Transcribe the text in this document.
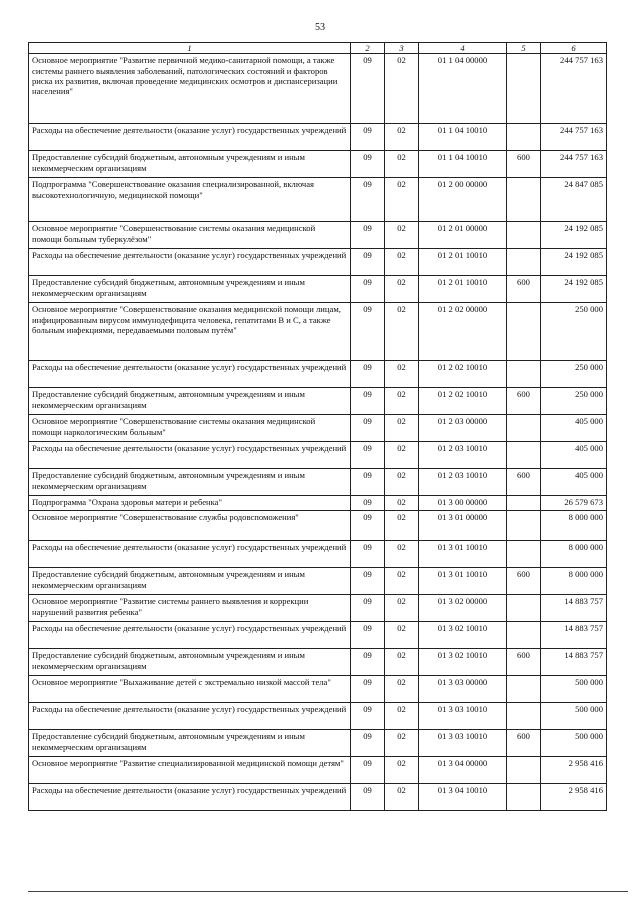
53
1	2	3	4	5	6
Основное мероприятие "Развитие первичной медико-санитарной помощи, а также системы раннего выявления заболеваний, патологических состояний и факторов риска их развития, включая проведение медицинских осмотров и диспансеризации населения"	09	02	01 1 04 00000		244 757 163
Расходы на обеспечение деятельности (оказание услуг) государственных учреждений	09	02	01 1 04 10010		244 757 163
Предоставление субсидий бюджетным, автономным учреждениям и иным некоммерческим организациям	09	02	01 1 04 10010	600	244 757 163
Подпрограмма "Совершенствование оказания специализированной, включая высокотехнологичную, медицинской помощи"	09	02	01 2 00 00000		24 847 085
Основное мероприятие "Совершенствование системы оказания медицинской помощи больным туберкулёзом"	09	02	01 2 01 00000		24 192 085
Расходы на обеспечение деятельности (оказание услуг) государственных учреждений	09	02	01 2 01 10010		24 192 085
Предоставление субсидий бюджетным, автономным учреждениям и иным некоммерческим организациям	09	02	01 2 01 10010	600	24 192 085
Основное мероприятие "Совершенствование оказания медицинской помощи лицам, инфицированным вирусом иммунодефицита человека, гепатитами В и С, а также больным инфекциями, передаваемыми половым путём"	09	02	01 2 02 00000		250 000
Расходы на обеспечение деятельности (оказание услуг) государственных учреждений	09	02	01 2 02 10010		250 000
Предоставление субсидий бюджетным, автономным учреждениям и иным некоммерческим организациям	09	02	01 2 02 10010	600	250 000
Основное мероприятие "Совершенствование системы оказания медицинской помощи наркологическим больным"	09	02	01 2 03 00000		405 000
Расходы на обеспечение деятельности (оказание услуг) государственных учреждений	09	02	01 2 03 10010		405 000
Предоставление субсидий бюджетным, автономным учреждениям и иным некоммерческим организациям	09	02	01 2 03 10010	600	405 000
Подпрограмма "Охрана здоровья матери и ребенка"	09	02	01 3 00 00000		26 579 673
Основное мероприятие "Совершенствование службы родовспоможения"	09	02	01 3 01 00000		8 000 000
Расходы на обеспечение деятельности (оказание услуг) государственных учреждений	09	02	01 3 01 10010		8 000 000
Предоставление субсидий бюджетным, автономным учреждениям и иным некоммерческим организациям	09	02	01 3 01 10010	600	8 000 000
Основное мероприятие "Развитие системы раннего выявления и коррекции нарушений развития ребенка"	09	02	01 3 02 00000		14 883 757
Расходы на обеспечение деятельности (оказание услуг) государственных учреждений	09	02	01 3 02 10010		14 883 757
Предоставление субсидий бюджетным, автономным учреждениям и иным некоммерческим организациям	09	02	01 3 02 10010	600	14 883 757
Основное мероприятие "Выхаживание детей с экстремально низкой массой тела"	09	02	01 3 03 00000		500 000
Расходы на обеспечение деятельности (оказание услуг) государственных учреждений	09	02	01 3 03 10010		500 000
Предоставление субсидий бюджетным, автономным учреждениям и иным некоммерческим организациям	09	02	01 3 03 10010	600	500 000
Основное мероприятие "Развитие специализированной медицинской помощи детям"	09	02	01 3 04 00000		2 958 416
Расходы на обеспечение деятельности (оказание услуг) государственных учреждений	09	02	01 3 04 10010		2 958 416
